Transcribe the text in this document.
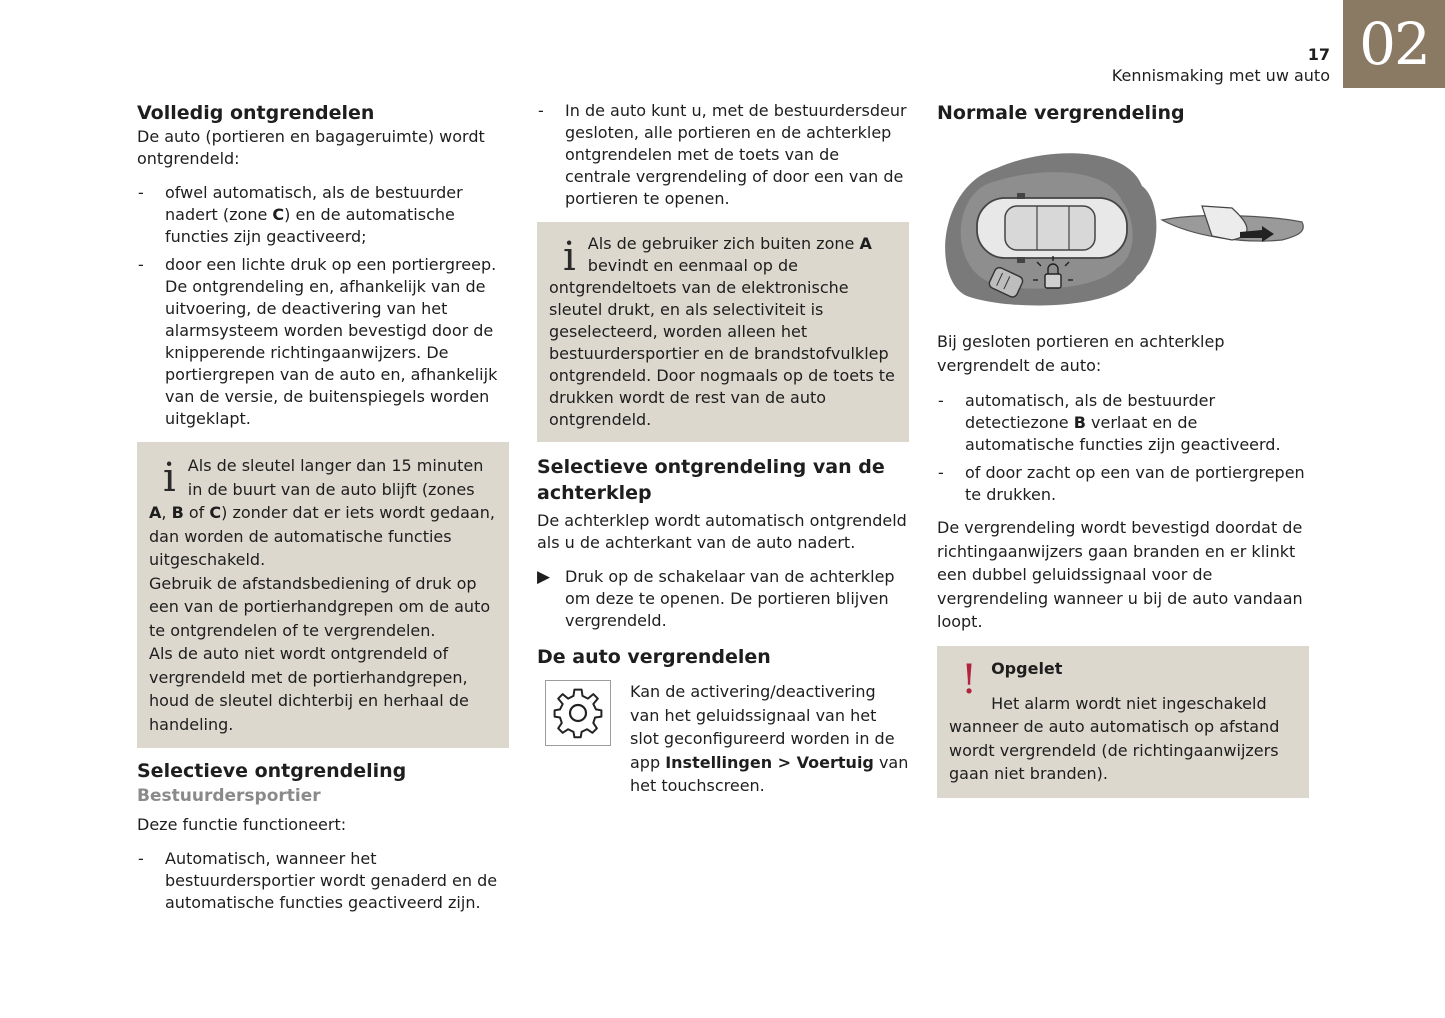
17
Kennismaking met uw auto 02
Volledig ontgrendelen

De auto (portieren en bagageruimte) wordt ontgrendeld:

- ofwel automatisch, als de bestuurder nadert (zone C) en de automatische functies zijn geactiveerd;
- door een lichte druk op een portiergreep. De ontgrendeling en, afhankelijk van de uitvoering, de deactivering van het alarmsysteem worden bevestigd door de knipperende richtingaanwijzers. De portiergrepen van de auto en, afhankelijk van de versie, de buitenspiegels worden uitgeklapt.
i Als de sleutel langer dan 15 minuten in de buurt van de auto blijft (zones A, B of C) zonder dat er iets wordt gedaan, dan worden de automatische functies uitgeschakeld.

Gebruik de afstandsbediening of druk op een van de portierhandgrepen om de auto te ontgrendelen of te vergrendelen.

Als de auto niet wordt ontgrendeld of vergrendeld met de portierhandgrepen, houd de sleutel dichterbij en herhaal de handeling.

Selectieve ontgrendeling
Bestuurdersportier

Deze functie functioneert:

- Automatisch, wanneer het bestuurdersportier wordt genaderd en de automatische functies geactiveerd zijn.
- In de auto kunt u, met de bestuurdersdeur gesloten, alle portieren en de achterklep ontgrendelen met de toets van de centrale vergrendeling of door een van de portieren te openen.
i Als de gebruiker zich buiten zone A bevindt en eenmaal op de ontgrendeltoets van de elektronische sleutel drukt, en als selectiviteit is geselecteerd, worden alleen het bestuurdersportier en de brandstofvulklep ontgrendeld. Door nogmaals op de toets te drukken wordt de rest van de auto ontgrendeld.

Selectieve ontgrendeling van de achterklep

De achterklep wordt automatisch ontgrendeld als u de achterkant van de auto nadert.

▶ Druk op de schakelaar van de achterklep om deze te openen. De portieren blijven vergrendeld.
De auto vergrendelen

Kan de activering/deactivering van het geluidssignaal van het slot geconfigureerd worden in de app Instellingen > Voertuig van het touchscreen.

Normale vergrendeling

Bij gesloten portieren en achterklep vergrendelt de auto:

- automatisch, als de bestuurder detectiezone B verlaat en de automatische functies zijn geactiveerd.
- of door zacht op een van de portiergrepen te drukken.

De vergrendeling wordt bevestigd doordat de richtingaanwijzers gaan branden en er klinkt een dubbel geluidssignaal voor de vergrendeling wanneer u bij de auto vandaan loopt.

! Opgelet

Het alarm wordt niet ingeschakeld wanneer de auto automatisch op afstand wordt vergrendeld (de richtingaanwijzers gaan niet branden).
